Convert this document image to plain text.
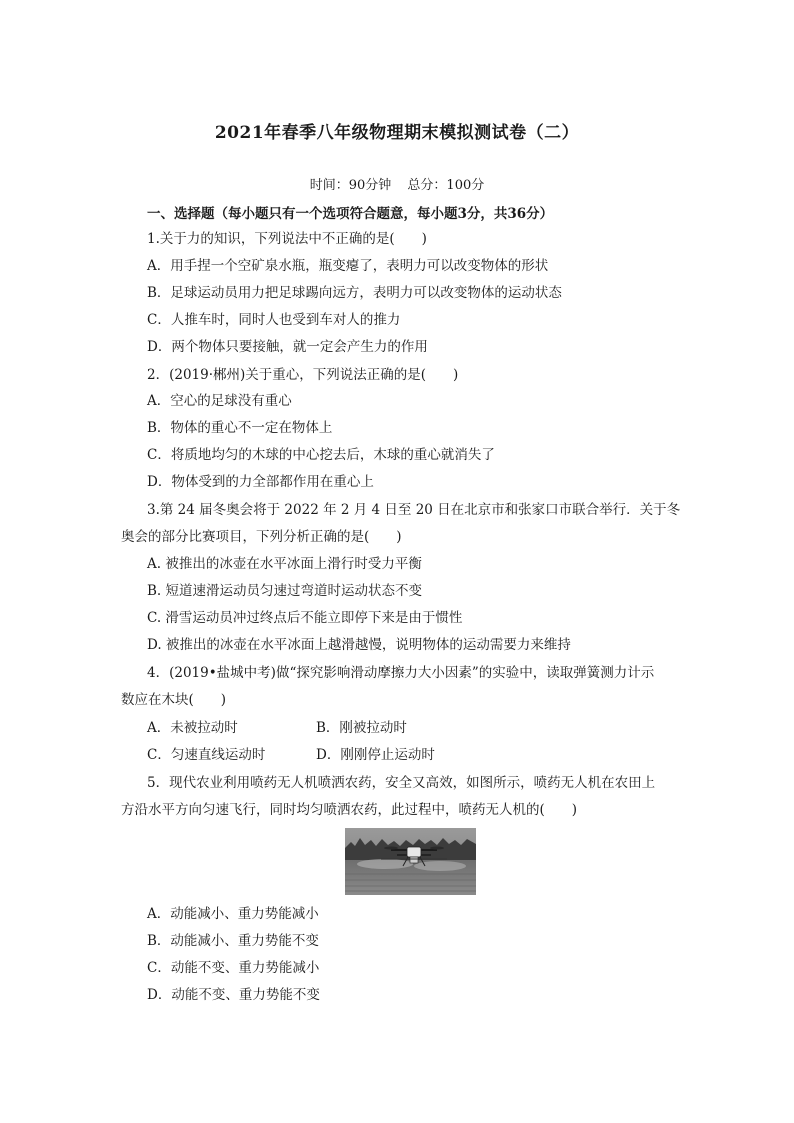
2021年春季八年级物理期末模拟测试卷（二）
时间：90分钟 总分：100分
一、选择题（每小题只有一个选项符合题意，每小题3分，共36分）
1.关于力的知识，下列说法中不正确的是(　　)
A．用手捏一个空矿泉水瓶，瓶变瘪了，表明力可以改变物体的形状
B．足球运动员用力把足球踢向远方，表明力可以改变物体的运动状态
C．人推车时，同时人也受到车对人的推力
D．两个物体只要接触，就一定会产生力的作用
2．(2019·郴州)关于重心，下列说法正确的是(　　)
A．空心的足球没有重心
B．物体的重心不一定在物体上
C．将质地均匀的木球的中心挖去后，木球的重心就消失了
D．物体受到的力全部都作用在重心上
3.第 24 届冬奥会将于 2022 年 2 月 4 日至 20 日在北京市和张家口市联合举行．关于冬
奥会的部分比赛项目，下列分析正确的是(　　)
A. 被推出的冰壶在水平冰面上滑行时受力平衡
B. 短道速滑运动员匀速过弯道时运动状态不变
C. 滑雪运动员冲过终点后不能立即停下来是由于惯性
D. 被推出的冰壶在水平冰面上越滑越慢，说明物体的运动需要力来维持
4．(2019•盐城中考)做“探究影响滑动摩擦力大小因素”的实验中，读取弹簧测力计示
数应在木块(　　)
A．未被拉动时	B．刚被拉动时
C．匀速直线运动时	D．刚刚停止运动时
5．现代农业利用喷药无人机喷洒农药，安全又高效，如图所示，喷药无人机在农田上
方沿水平方向匀速飞行，同时均匀喷洒农药，此过程中，喷药无人机的(　　)
A．动能减小、重力势能减小
B．动能减小、重力势能不变
C．动能不变、重力势能减小
D．动能不变、重力势能不变
